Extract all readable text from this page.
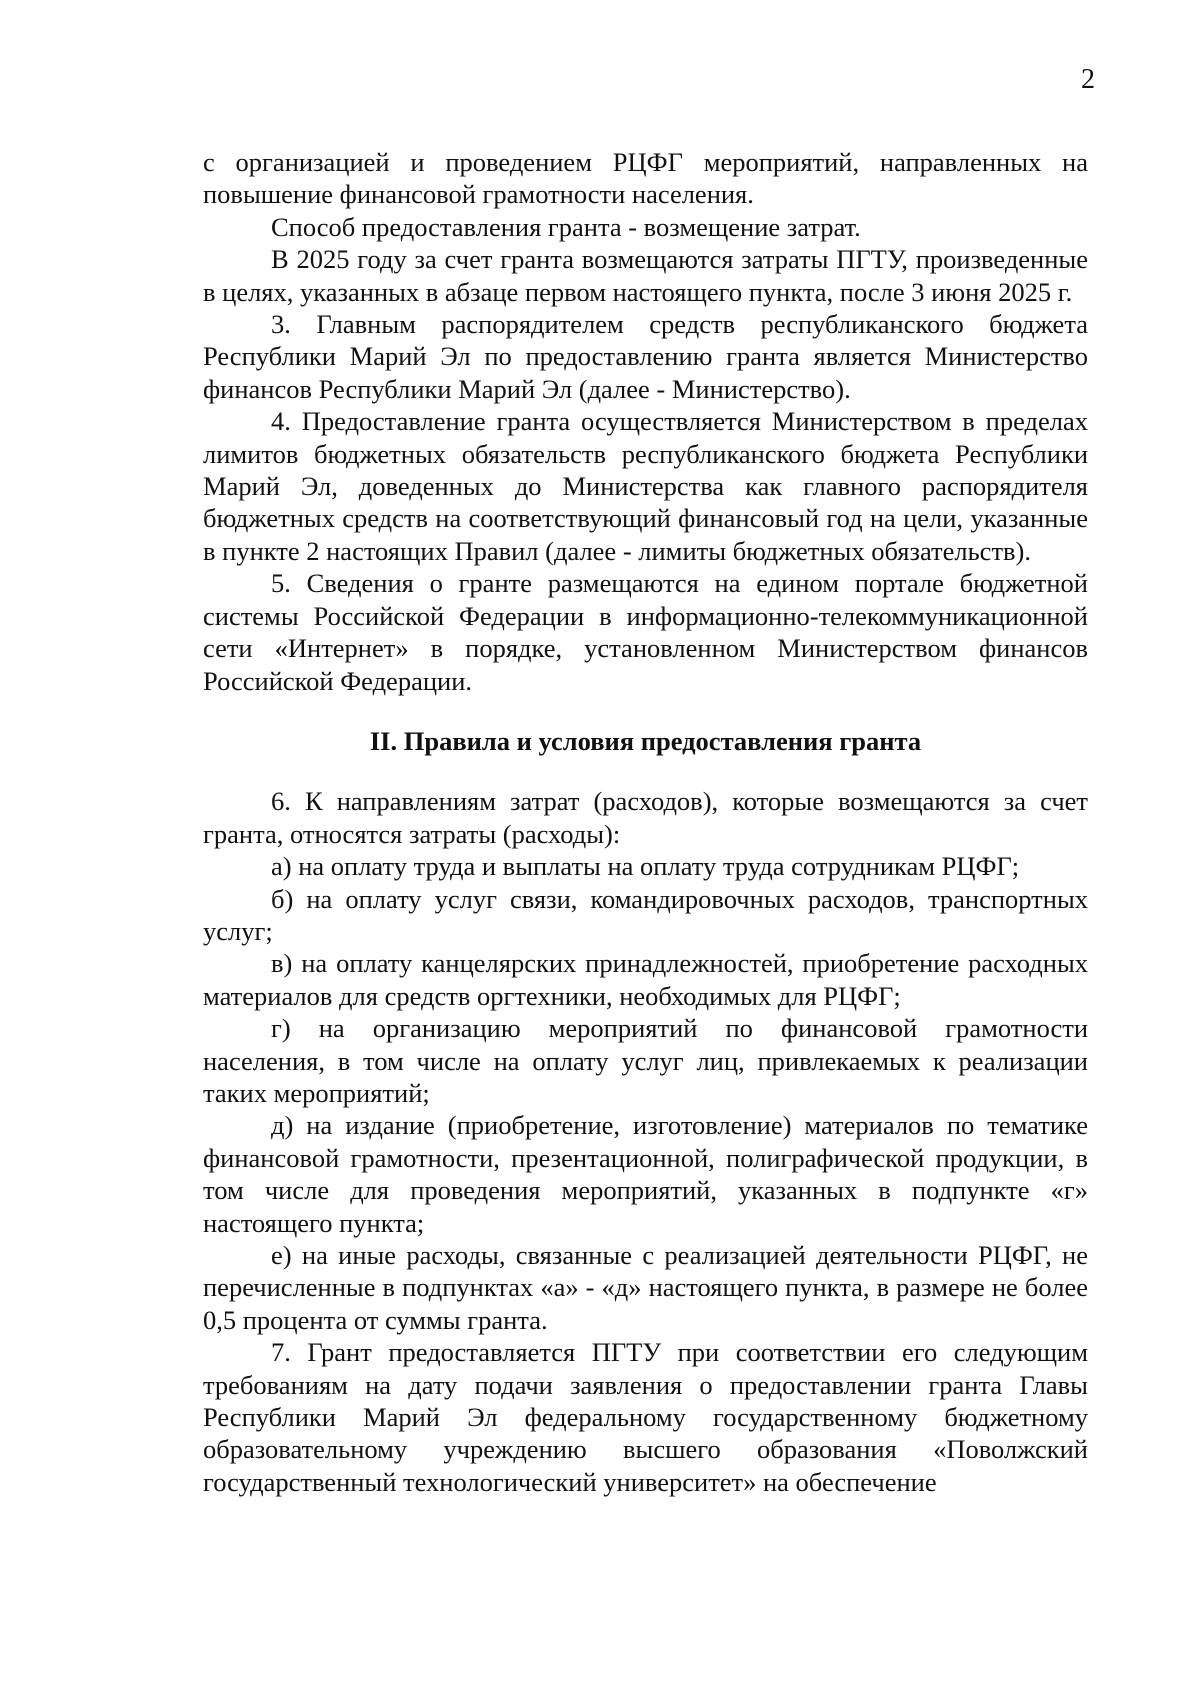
2

с организацией и проведением РЦФГ мероприятий, направленных на повышение финансовой грамотности населения.

Способ предоставления гранта - возмещение затрат.

В 2025 году за счет гранта возмещаются затраты ПГТУ, произведенные в целях, указанных в абзаце первом настоящего пункта, после 3 июня 2025 г.

3. Главным распорядителем средств республиканского бюджета Республики Марий Эл по предоставлению гранта является Министерство финансов Республики Марий Эл (далее - Министерство).

4. Предоставление гранта осуществляется Министерством в пределах лимитов бюджетных обязательств республиканского бюджета Республики Марий Эл, доведенных до Министерства как главного распорядителя бюджетных средств на соответствующий финансовый год на цели, указанные в пункте 2 настоящих Правил (далее - лимиты бюджетных обязательств).

5. Сведения о гранте размещаются на едином портале бюджетной системы Российской Федерации в информационно-телекоммуникационной сети «Интернет» в порядке, установленном Министерством финансов Российской Федерации.

II. Правила и условия предоставления гранта

6. К направлениям затрат (расходов), которые возмещаются за счет гранта, относятся затраты (расходы):

а) на оплату труда и выплаты на оплату труда сотрудникам РЦФГ;

б) на оплату услуг связи, командировочных расходов, транспортных услуг;

в) на оплату канцелярских принадлежностей, приобретение расходных материалов для средств оргтехники, необходимых для РЦФГ;

г) на организацию мероприятий по финансовой грамотности населения, в том числе на оплату услуг лиц, привлекаемых к реализации таких мероприятий;

д) на издание (приобретение, изготовление) материалов по тематике финансовой грамотности, презентационной, полиграфической продукции, в том числе для проведения мероприятий, указанных в подпункте «г» настоящего пункта;

е) на иные расходы, связанные с реализацией деятельности РЦФГ, не перечисленные в подпунктах «а» - «д» настоящего пункта, в размере не более 0,5 процента от суммы гранта.

7. Грант предоставляется ПГТУ при соответствии его следующим требованиям на дату подачи заявления о предоставлении гранта Главы Республики Марий Эл федеральному государственному бюджетному образовательному учреждению высшего образования «Поволжский государственный технологический университет» на обеспечение
